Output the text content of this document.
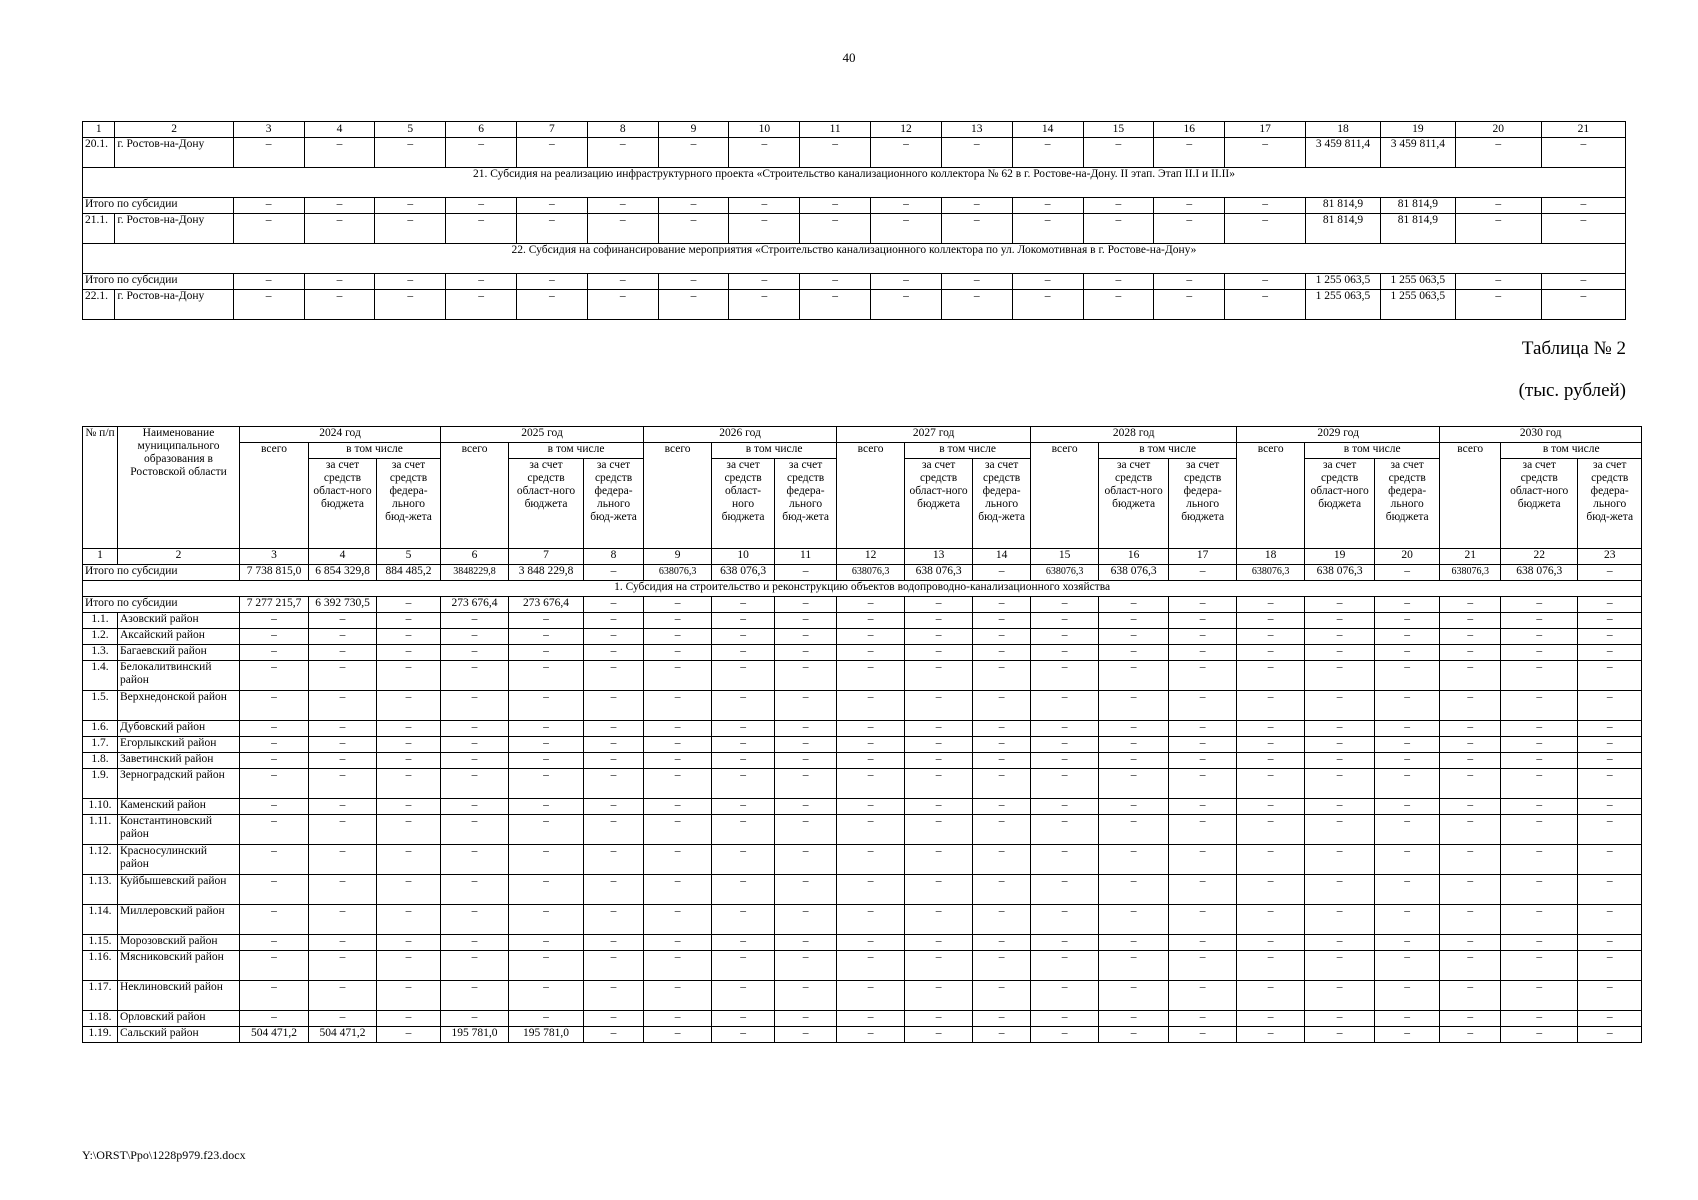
40
1	2	3	4	5	6	7	8	9	10	11	12	13	14	15	16	17	18	19	20	21
20.1.	г. Ростов-на-Дону	–	–	–	–	–	–	–	–	–	–	–	–	–	–	–	3 459 811,4	3 459 811,4	–	–
21. Субсидия на реализацию инфраструктурного проекта «Строительство канализационного коллектора № 62 в г. Ростове-на-Дону. II этап. Этап II.I и II.II»																				
Итого по субсидии		–	–	–	–	–	–	–	–	–	–	–	–	–	–	–	81 814,9	81 814,9	–	–
21.1.	г. Ростов-на-Дону	–	–	–	–	–	–	–	–	–	–	–	–	–	–	–	81 814,9	81 814,9	–	–
22. Субсидия на софинансирование мероприятия «Строительство канализационного коллектора по ул. Локомотивная в г. Ростове-на-Дону»																				
Итого по субсидии		–	–	–	–	–	–	–	–	–	–	–	–	–	–	–	1 255 063,5	1 255 063,5	–	–
22.1.	г. Ростов-на-Дону	–	–	–	–	–	–	–	–	–	–	–	–	–	–	–	1 255 063,5	1 255 063,5	–	–
Таблица № 2
(тыс. рублей)
№ п/п	Наименование муниципального образования в Ростовской области	2024 год			2025 год			2026 год			2027 год			2028 год			2029 год			2030 год		
		всего	в том числе		всего	в том числе		всего	в том числе		всего	в том числе		всего	в том числе		всего	в том числе		всего	в том числе	
			за счет средств област-ного бюджета	за счет средств федера-льного бюд-жета		за счет средств област-ного бюджета	за счет средств федера-льного бюд-жета		за счет средств област-ного бюджета	за счет средств федера-льного бюд-жета		за счет средств област-ного бюджета	за счет средств федера-льного бюд-жета		за счет средств област-ного бюджета	за счет средств федера-льного бюджета		за счет средств област-ного бюджета	за счет средств федера-льного бюджета		за счет средств област-ного бюджета	за счет средств федера-льного бюд-жета
1	2	3	4	5	6	7	8	9	10	11	12	13	14	15	16	17	18	19	20	21	22	23
Итого по субсидии		7 738 815,0	6 854 329,8	884 485,2	3848229,8	3 848 229,8	–	638076,3	638 076,3	–	638076,3	638 076,3	–	638076,3	638 076,3	–	638076,3	638 076,3	–	638076,3	638 076,3	–
1. Субсидия на строительство и реконструкцию объектов водопроводно-канализационного хозяйства																						
Итого по субсидии		7 277 215,7	6 392 730,5	–	273 676,4	273 676,4	–	–	–	–	–	–	–	–	–	–	–	–	–	–	–	–
1.1.	Азовский район	–	–	–	–	–	–	–	–	–	–	–	–	–	–	–	–	–	–	–	–	–
1.2.	Аксайский район	–	–	–	–	–	–	–	–	–	–	–	–	–	–	–	–	–	–	–	–	–
1.3.	Багаевский район	–	–	–	–	–	–	–	–	–	–	–	–	–	–	–	–	–	–	–	–	–
1.4.	Белокалитвинский район	–	–	–	–	–	–	–	–	–	–	–	–	–	–	–	–	–	–	–	–	–
1.5.	Верхнедонской район	–	–	–	–	–	–	–	–	–	–	–	–	–	–	–	–	–	–	–	–	–
1.6.	Дубовский район	–	–	–	–	–	–	–	–	–	–	–	–	–	–	–	–	–	–	–	–	–
1.7.	Егорлыкский район	–	–	–	–	–	–	–	–	–	–	–	–	–	–	–	–	–	–	–	–	–
1.8.	Заветинский район	–	–	–	–	–	–	–	–	–	–	–	–	–	–	–	–	–	–	–	–	–
1.9.	Зерноградский район	–	–	–	–	–	–	–	–	–	–	–	–	–	–	–	–	–	–	–	–	–
1.10.	Каменский район	–	–	–	–	–	–	–	–	–	–	–	–	–	–	–	–	–	–	–	–	–
1.11.	Константиновский район	–	–	–	–	–	–	–	–	–	–	–	–	–	–	–	–	–	–	–	–	–
1.12.	Красносулинский район	–	–	–	–	–	–	–	–	–	–	–	–	–	–	–	–	–	–	–	–	–
1.13.	Куйбышевский район	–	–	–	–	–	–	–	–	–	–	–	–	–	–	–	–	–	–	–	–	–
1.14.	Миллеровский район	–	–	–	–	–	–	–	–	–	–	–	–	–	–	–	–	–	–	–	–	–
1.15.	Морозовский район	–	–	–	–	–	–	–	–	–	–	–	–	–	–	–	–	–	–	–	–	–
1.16.	Мясниковский район	–	–	–	–	–	–	–	–	–	–	–	–	–	–	–	–	–	–	–	–	–
1.17.	Неклиновский район	–	–	–	–	–	–	–	–	–	–	–	–	–	–	–	–	–	–	–	–	–
1.18.	Орловский район	–	–	–	–	–	–	–	–	–	–	–	–	–	–	–	–	–	–	–	–	–
1.19.	Сальский район	504 471,2	504 471,2	–	195 781,0	195 781,0	–	–	–	–	–	–	–	–	–	–	–	–	–	–	–	–
Y:\ORST\Ppo\1228p979.f23.docx
